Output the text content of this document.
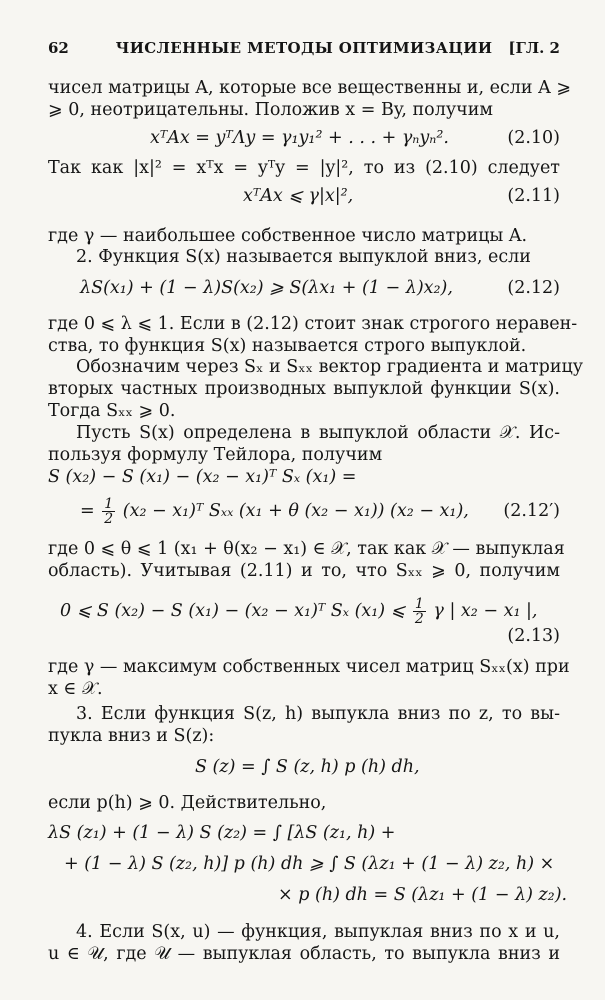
62	ЧИСЛЕННЫЕ МЕТОДЫ ОПТИМИЗАЦИИ	[ГЛ. 2
чисел матрицы A, которые все вещественны и, если A ⩾
⩾ 0, неотрицательны. Положив x = By, получим
xᵀAx = yᵀΛy = γ₁y₁² + . . . + γₙyₙ².	(2.10)
Так как |x|² = xᵀx = yᵀy = |y|², то из (2.10) следует
xᵀAx ⩽ γ|x|²,	(2.11)
где γ — наибольшее собственное число матрицы A.
2. Функция S(x) называется выпуклой вниз, если
λS(x₁) + (1 − λ)S(x₂) ⩾ S(λx₁ + (1 − λ)x₂),	(2.12)
где 0 ⩽ λ ⩽ 1. Если в (2.12) стоит знак строгого неравен-
ства, то функция S(x) называется строго выпуклой.
Обозначим через Sₓ и Sₓₓ вектор градиента и матрицу
вторых частных производных выпуклой функции S(x).
Тогда Sₓₓ ⩾ 0.
Пусть S(x) определена в выпуклой области 𝒳. Ис-
пользуя формулу Тейлора, получим
S (x₂) − S (x₁) − (x₂ − x₁)ᵀ Sₓ (x₁) =
= $\frac{1}{2} (x_2$ − x₁)ᵀ Sₓₓ (x₁ + θ (x₂ − x₁)) (x₂ − x₁), (2.12′)
где 0 ⩽ θ ⩽ 1 (x₁ + θ(x₂ − x₁) ∈ 𝒳, так как 𝒳 — выпуклая
область). Учитывая (2.11) и то, что Sₓₓ ⩾ 0, получим
0 ⩽ S (x₂) − S (x₁) − (x₂ − x₁)ᵀ Sₓ (x₁) ⩽ $\frac{1}{2}$ γ | x₂ − x₁ |,
(2.13)
где γ — максимум собственных чисел матриц Sₓₓ(x) при
x ∈ 𝒳.
3. Если функция S(z, h) выпукла вниз по z, то вы-
пукла вниз и S(z):
S (z) = ∫ S (z, h) p (h) dh,
если p(h) ⩾ 0. Действительно,
λS (z₁) + (1 − λ) S (z₂) = ∫ [λS (z₁, h) +
+ (1 − λ) S (z₂, h)] p (h) dh ⩾ ∫ S (λz₁ + (1 − λ) z₂, h) ×
× p (h) dh = S (λz₁ + (1 − λ) z₂).
4. Если S(x, u) — функция, выпуклая вниз по x и u,
u ∈ 𝒰, где 𝒰 — выпуклая область, то выпукла вниз и
